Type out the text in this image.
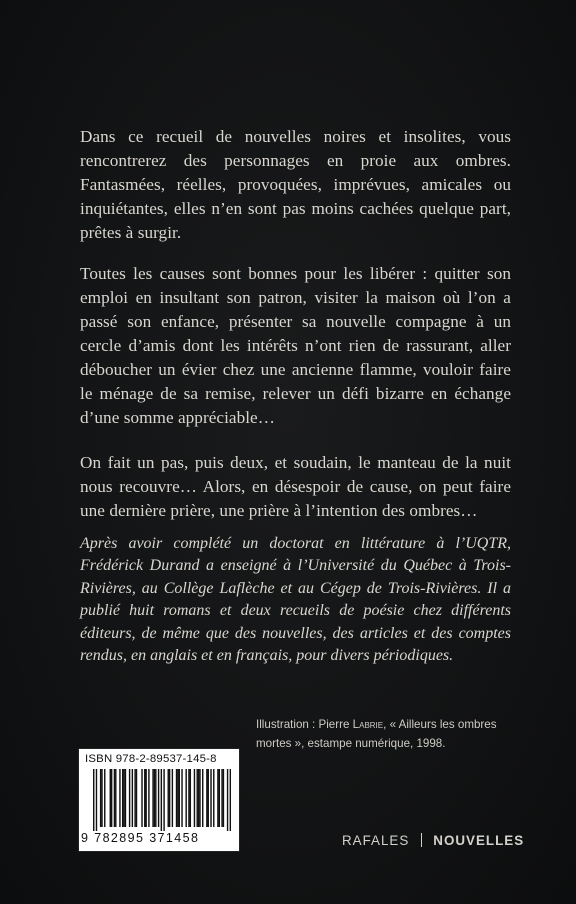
Dans ce recueil de nouvelles noires et insolites, vous rencontrerez des personnages en proie aux ombres. Fantasmées, réelles, provoquées, imprévues, amicales ou inquiétantes, elles n’en sont pas moins cachées quelque part, prêtes à surgir.

Toutes les causes sont bonnes pour les libérer : quitter son emploi en insultant son patron, visiter la maison où l’on a passé son enfance, présenter sa nouvelle compagne à un cercle d’amis dont les intérêts n’ont rien de rassurant, aller déboucher un évier chez une ancienne flamme, vouloir faire le ménage de sa remise, relever un défi bizarre en échange d’une somme appréciable…

On fait un pas, puis deux, et soudain, le manteau de la nuit nous recouvre… Alors, en désespoir de cause, on peut faire une dernière prière, une prière à l’intention des ombres…

Après avoir complété un doctorat en littérature à l’UQTR, Frédérick Durand a enseigné à l’Université du Québec à Trois-Rivières, au Collège Laflèche et au Cégep de Trois-Rivières. Il a publié huit romans et deux recueils de poésie chez différents éditeurs, de même que des nouvelles, des articles et des comptes rendus, en anglais et en français, pour divers périodiques.

Illustration : Pierre Labrie, « Ailleurs les ombres
mortes », estampe numérique, 1998.
ISBN 978-2-89537-145-8
9 782895 371458	RAFALES NOUVELLES
